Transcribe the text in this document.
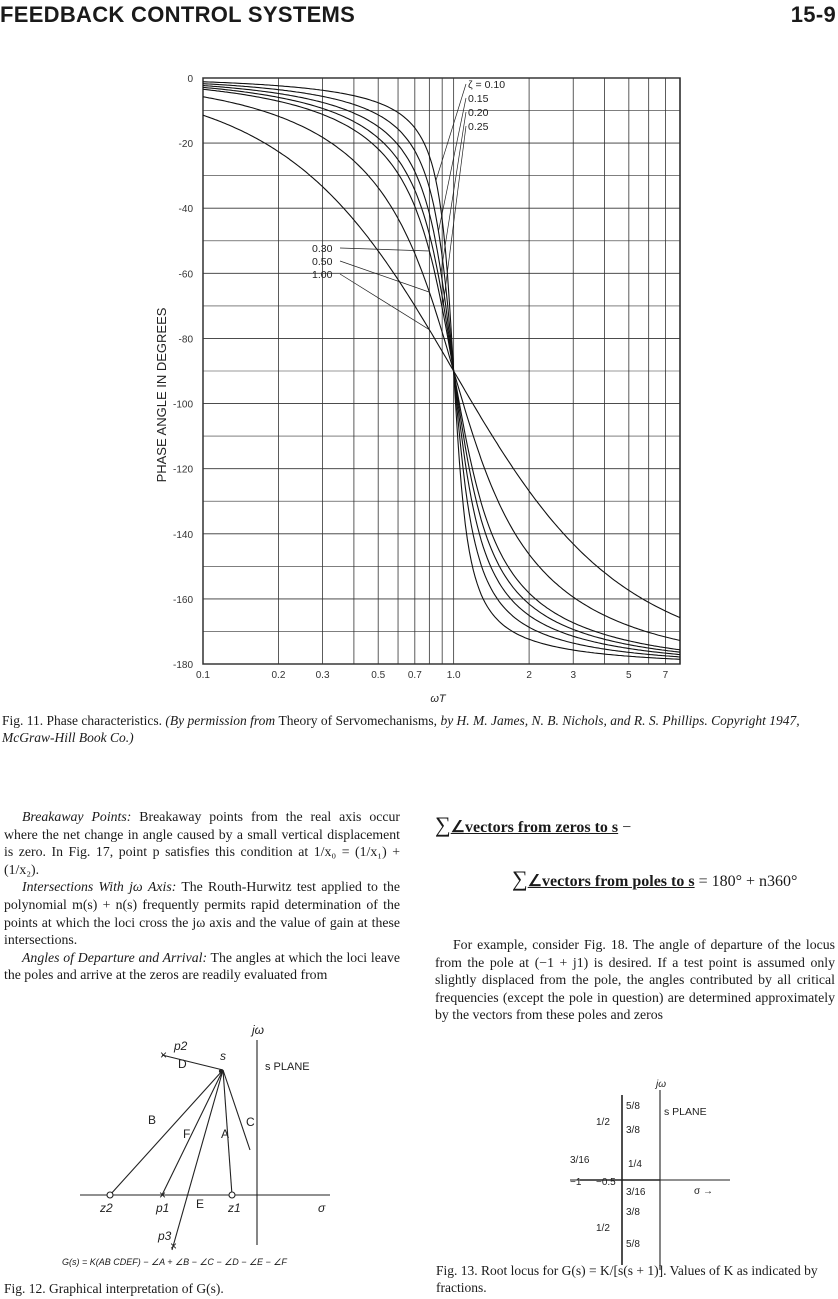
FEEDBACK CONTROL SYSTEMS	15-9
0
-20
-40
-60
-80
-100
-120
-140
-160
-180
0.1	0.2	0.3	0.5 0.7 1.0	2	3	5	7
PHASE ANGLE IN DEGREES
ωT
ζ = 0.10
0.15
0.20
0.25
0.30
0.50
1.00
Fig. 11. Phase characteristics. (By permission from Theory of Servomechanisms, by H. M. James, N. B. Nichols, and R. S. Phillips. Copyright 1947, McGraw-Hill Book Co.)

Breakaway Points: Breakaway points from the real axis occur where the net change in angle caused by a small vertical displacement is zero. In Fig. 17, point p satisfies this condition at 1/x₀ = (1/x₁) + (1/x₂).

Intersections With jω Axis: The Routh-Hurwitz test applied to the polynomial m(s) + n(s) frequently permits rapid determination of the points at which the loci cross the jω axis and the value of gain at these intersections.

Angles of Departure and Arrival: The angles at which the loci leave the poles and arrive at the zeros are readily evaluated from

∑∠vectors from zeros to s −
∑∠vectors from poles to s = 180° + n360°

For example, consider Fig. 18. The angle of departure of the locus from the pole at (−1 + j1) is desired. If a test point is assumed only slightly displaced from the pole, the angles contributed by all critical frequencies (except the pole in question) are determined approximately by the vectors from these poles and zeros

×
×
×
●
p2
s
jω
s PLANE
B
D
F	A
C
E
z2	p1	z1	σ
p3
G(s) = K(AB CDEF) − ∠A + ∠B − ∠C − ∠D − ∠E − ∠F
Fig. 12. Graphical interpretation of G(s).
jω
s PLANE
σ →
5/8
1/2
3/8
3/16	1/4
−1 −0.5
3/16
3/8
1/2
5/8
Fig. 13. Root locus for G(s) = K/[s(s + 1)]. Values of K as indicated by fractions.
